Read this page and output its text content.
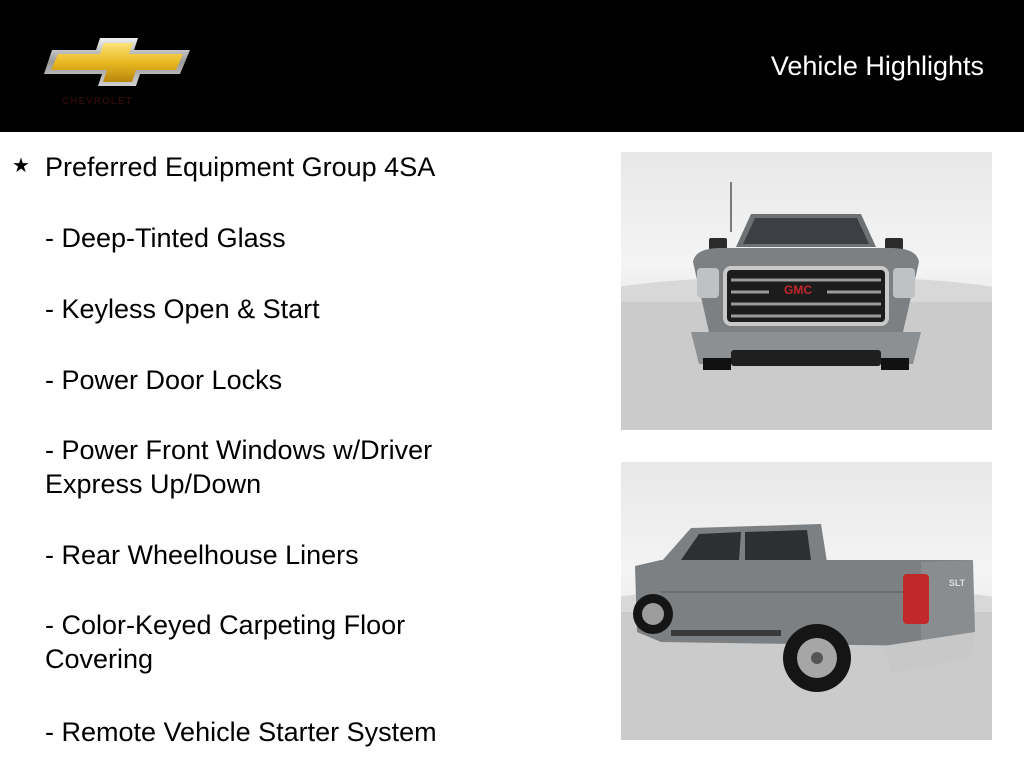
CHEVROLET
Vehicle Highlights
★ Preferred Equipment Group 4SA
- Deep-Tinted Glass
- Keyless Open & Start
- Power Door Locks
- Power Front Windows w/Driver
Express Up/Down
- Rear Wheelhouse Liners
- Color-Keyed Carpeting Floor
Covering
- Remote Vehicle Starter System
GMC
SLT
